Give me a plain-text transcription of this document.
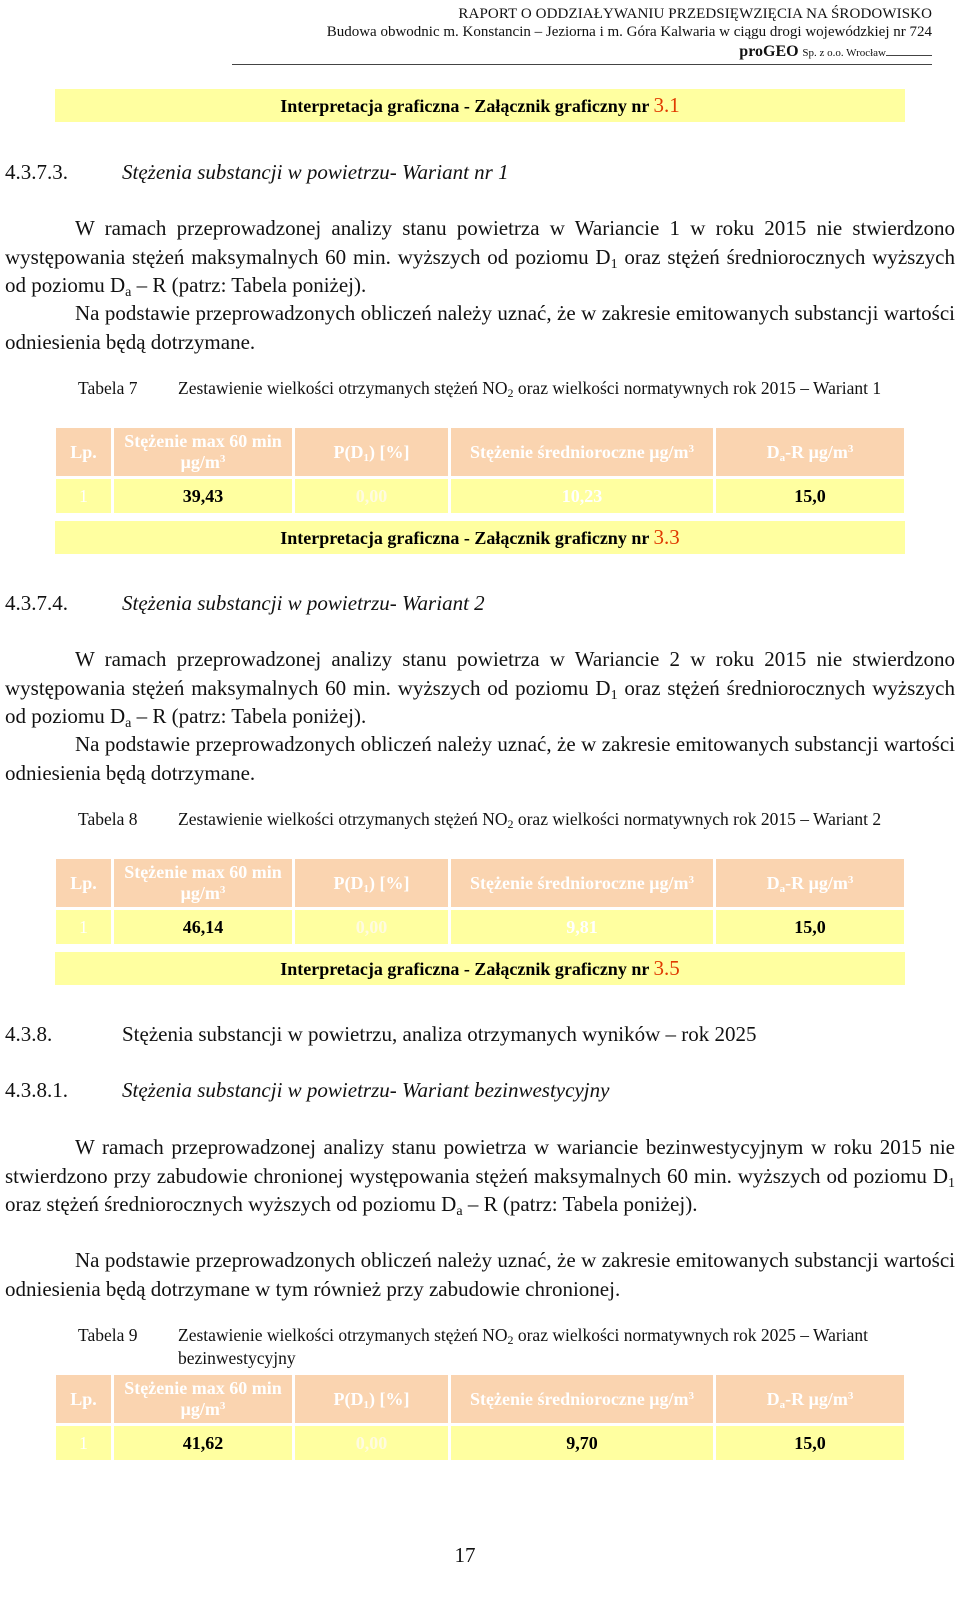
RAPORT O ODDZIAŁYWANIU PRZEDSIĘWZIĘCIA NA ŚRODOWISKO
Budowa obwodnic m. Konstancin – Jeziorna i m. Góra Kalwaria w ciągu drogi wojewódzkiej nr 724
proGEO Sp. z o.o. Wrocław
Interpretacja graficzna - Załącznik graficzny nr 3.1
4.3.7.3.	Stężenia substancji w powietrzu- Wariant nr 1
W ramach przeprowadzonej analizy stanu powietrza w Wariancie 1 w roku 2015 nie stwierdzono występowania stężeń maksymalnych 60 min. wyższych od poziomu $D_1$ oraz stężeń średniorocznych wyższych od poziomu $D_a$ – R (patrz: Tabela poniżej).
Na podstawie przeprowadzonych obliczeń należy uznać, że w zakresie emitowanych substancji wartości odniesienia będą dotrzymane.
Tabela 7 Zestawienie wielkości otrzymanych stężeń $NO_2$ oraz wielkości normatywnych rok 2015 – Wariant 1
Lp.	Stężenie max 60 $\min \mu g/m^3$	$P(D_1)$ [%]	Stężenie średnioroczne $\mu g/m^3$	$D_a-R$ $\mu g/m^3$
1	39,43	0,00	10,23	15,0
Interpretacja graficzna - Załącznik graficzny nr 3.3
4.3.7.4.	Stężenia substancji w powietrzu- Wariant 2
W ramach przeprowadzonej analizy stanu powietrza w Wariancie 2 w roku 2015 nie stwierdzono występowania stężeń maksymalnych 60 min. wyższych od poziomu $D_1$ oraz stężeń średniorocznych wyższych od poziomu $D_a$ – R (patrz: Tabela poniżej).
Na podstawie przeprowadzonych obliczeń należy uznać, że w zakresie emitowanych substancji wartości odniesienia będą dotrzymane.
Tabela 8 Zestawienie wielkości otrzymanych stężeń $NO_2$ oraz wielkości normatywnych rok 2015 – Wariant 2
Lp.	Stężenie max 60 $\min \mu g/m^3$	$P(D_1)$ [%]	Stężenie średnioroczne $\mu g/m^3$	$D_a-R$ $\mu g/m^3$
1	46,14	0,00	9,81	15,0
Interpretacja graficzna - Załącznik graficzny nr 3.5
4.3.8.	Stężenia substancji w powietrzu, analiza otrzymanych wyników – rok 2025
4.3.8.1.	Stężenia substancji w powietrzu- Wariant bezinwestycyjny
W ramach przeprowadzonej analizy stanu powietrza w wariancie bezinwestycyjnym w roku 2015 nie stwierdzono przy zabudowie chronionej występowania stężeń maksymalnych 60 min. wyższych od poziomu $D_1$ oraz stężeń średniorocznych wyższych od poziomu $D_a$ – R (patrz: Tabela poniżej).
Na podstawie przeprowadzonych obliczeń należy uznać, że w zakresie emitowanych substancji wartości odniesienia będą dotrzymane w tym również przy zabudowie chronionej.
Tabela 9 Zestawienie wielkości otrzymanych stężeń $NO_2$ oraz wielkości normatywnych rok 2025 – Wariant bezinwestycyjny
Lp.	Stężenie max 60 $\min \mu g/m^3$	$P(D_1)$ [%]	Stężenie średnioroczne $\mu g/m^3$	$D_a-R$ $\mu g/m^3$
1	41,62	0,00	9,70	15,0
17
